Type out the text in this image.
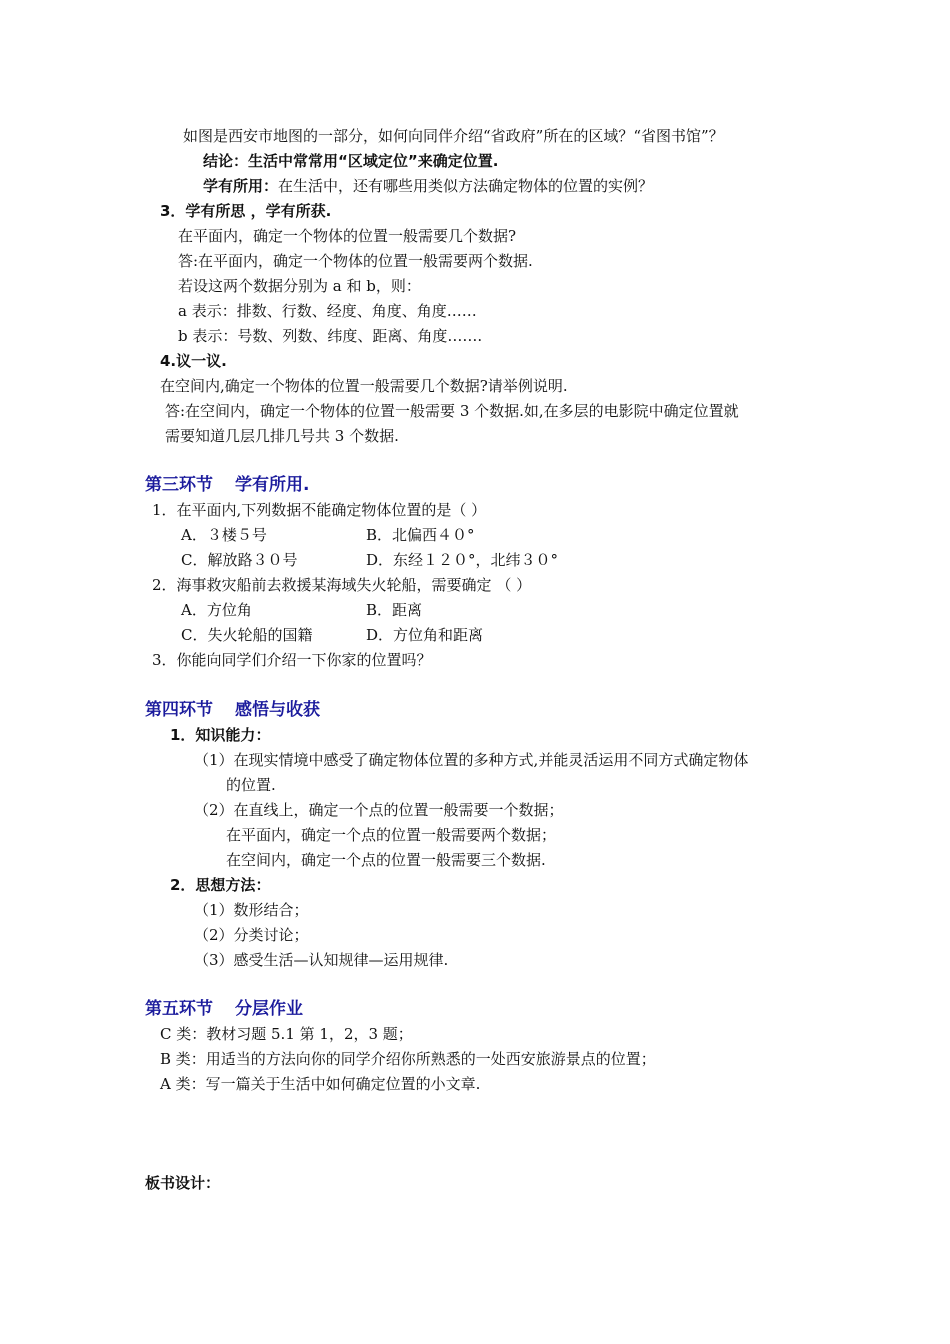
如图是西安市地图的一部分，如何向同伴介绍“省政府”所在的区域？“省图书馆”？
结论：生活中常常用“区域定位”来确定位置.
学有所用：在生活中，还有哪些用类似方法确定物体的位置的实例？
3．学有所思 ，学有所获.
在平面内，确定一个物体的位置一般需要几个数据?
答:在平面内，确定一个物体的位置一般需要两个数据.
若设这两个数据分别为 a 和 b，则：
a 表示：排数、行数、经度、角度、角度……
b 表示：号数、列数、纬度、距离、角度…….
4.议一议.
在空间内,确定一个物体的位置一般需要几个数据?请举例说明.
答:在空间内，确定一个物体的位置一般需要 3 个数据.如,在多层的电影院中确定位置就
需要知道几层几排几号共 3 个数据.
第三环节 学有所用.
1．在平面内,下列数据不能确定物体位置的是（ ）
A．３楼５号	B．北偏西４０°
C．解放路３０号	D．东经１２０°，北纬３０°
2．海事救灾船前去救援某海域失火轮船，需要确定 （ ）
A．方位角	B．距离
C．失火轮船的国籍	D．方位角和距离
3．你能向同学们介绍一下你家的位置吗？
第四环节 感悟与收获
1．知识能力：
（1）在现实情境中感受了确定物体位置的多种方式,并能灵活运用不同方式确定物体
的位置.
（2）在直线上，确定一个点的位置一般需要一个数据；
在平面内，确定一个点的位置一般需要两个数据；
在空间内，确定一个点的位置一般需要三个数据.
2．思想方法：
（1）数形结合；
（2）分类讨论；
（3）感受生活—认知规律—运用规律.
第五环节 分层作业
C 类：教材习题 5.1 第 1，2，3 题；
B 类：用适当的方法向你的同学介绍你所熟悉的一处西安旅游景点的位置；
A 类：写一篇关于生活中如何确定位置的小文章.
板书设计：
